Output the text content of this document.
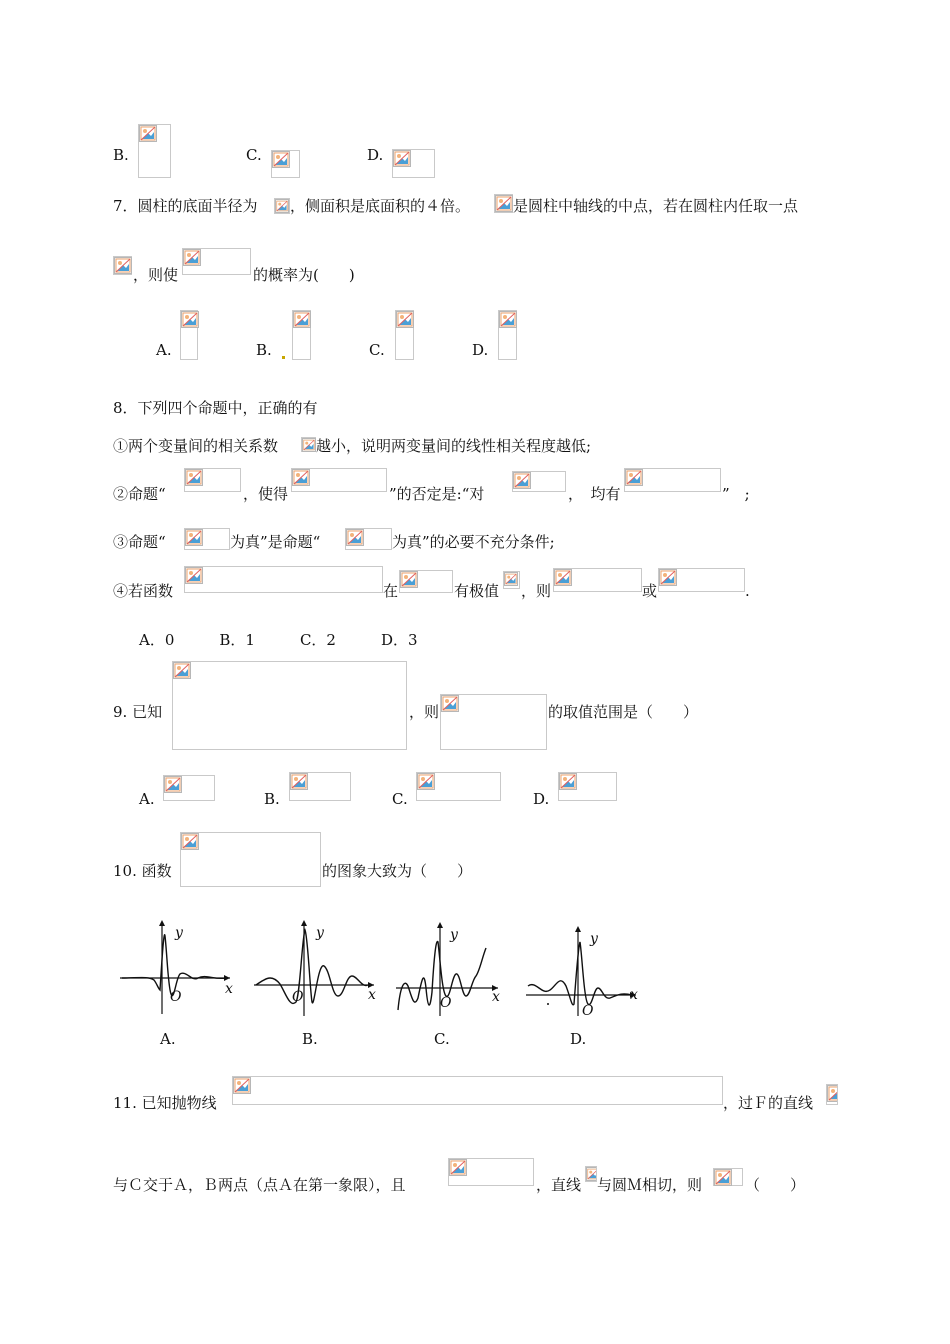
B.	C.	D.
7．圆柱的底面半径为 ，侧面积是底面积的４倍。	是圆柱中轴线的中点，若在圆柱内任取一点
，则使	的概率为(　　)
A.	B.	C.	D.
8．下列四个命题中，正确的有
①两个变量间的相关系数	越小，说明两变量间的线性相关程度越低;
②命题“	，使得	”的否定是:“对	，　均有	”　;
③命题“	为真”是命题“	为真”的必要不充分条件;
④若函数	在	有极值 ，则	或	.
A．0　　　B．1　　　C．2　　　D．3
9. 已知	，则	的取值范围是（　　）
A.	B.	C.	D.
10. 函数	的图象大致为（　　）
y
x
O
A.
y
x
O
B.
y
x
O
C.
y
x
O
D.
11. 已知抛物线	，过Ｆ的直线
与Ｃ交于Ａ，Ｂ两点（点Ａ在第一象限），且	，直线 与圆Ｍ相切，则	（　　）
